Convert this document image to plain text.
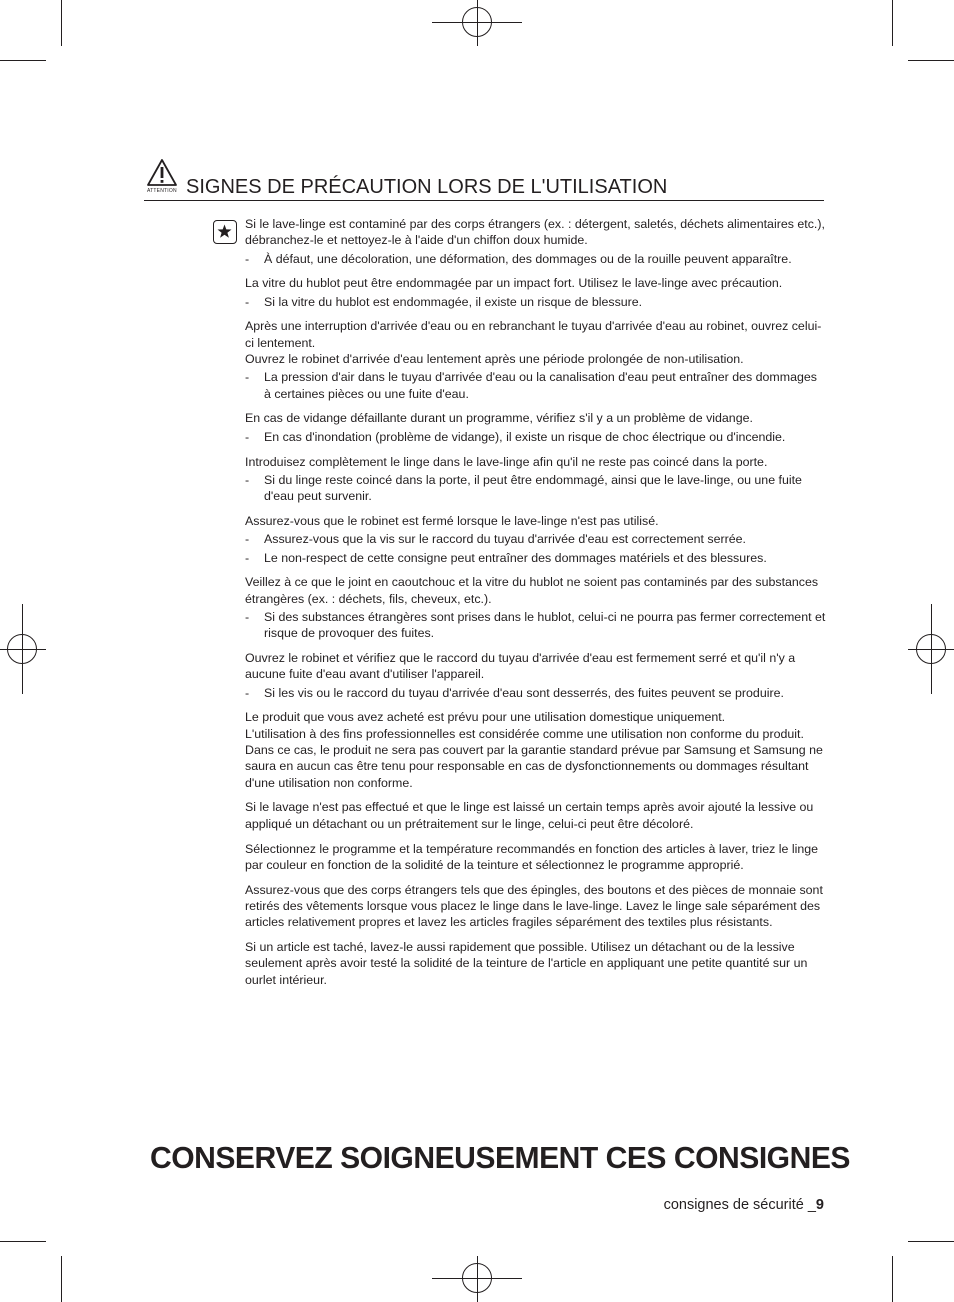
ATTENTION SIGNES DE PRÉCAUTION LORS DE L'UTILISATION

Si le lave-linge est contaminé par des corps étrangers (ex. : détergent, saletés, déchets alimentaires etc.), débranchez-le et nettoyez-le à l'aide d'un chiffon doux humide.

- À défaut, une décoloration, une déformation, des dommages ou de la rouille peuvent apparaître.

La vitre du hublot peut être endommagée par un impact fort. Utilisez le lave-linge avec précaution.

- Si la vitre du hublot est endommagée, il existe un risque de blessure.

Après une interruption d'arrivée d'eau ou en rebranchant le tuyau d'arrivée d'eau au robinet, ouvrez celui-ci lentement.

Ouvrez le robinet d'arrivée d'eau lentement après une période prolongée de non-utilisation.

- La pression d'air dans le tuyau d'arrivée d'eau ou la canalisation d'eau peut entraîner des dommages à certaines pièces ou une fuite d'eau.

En cas de vidange défaillante durant un programme, vérifiez s'il y a un problème de vidange.

- En cas d'inondation (problème de vidange), il existe un risque de choc électrique ou d'incendie.

Introduisez complètement le linge dans le lave-linge afin qu'il ne reste pas coincé dans la porte.

- Si du linge reste coincé dans la porte, il peut être endommagé, ainsi que le lave-linge, ou une fuite d'eau peut survenir.

Assurez-vous que le robinet est fermé lorsque le lave-linge n'est pas utilisé.

- Assurez-vous que la vis sur le raccord du tuyau d'arrivée d'eau est correctement serrée.
- Le non-respect de cette consigne peut entraîner des dommages matériels et des blessures.

Veillez à ce que le joint en caoutchouc et la vitre du hublot ne soient pas contaminés par des substances étrangères (ex. : déchets, fils, cheveux, etc.).

- Si des substances étrangères sont prises dans le hublot, celui-ci ne pourra pas fermer correctement et risque de provoquer des fuites.

Ouvrez le robinet et vérifiez que le raccord du tuyau d'arrivée d'eau est fermement serré et qu'il n'y a aucune fuite d'eau avant d'utiliser l'appareil.

- Si les vis ou le raccord du tuyau d'arrivée d'eau sont desserrés, des fuites peuvent se produire.

Le produit que vous avez acheté est prévu pour une utilisation domestique uniquement.

L'utilisation à des fins professionnelles est considérée comme une utilisation non conforme du produit. Dans ce cas, le produit ne sera pas couvert par la garantie standard prévue par Samsung et Samsung ne saura en aucun cas être tenu pour responsable en cas de dysfonctionnements ou dommages résultant d'une utilisation non conforme.

Si le lavage n'est pas effectué et que le linge est laissé un certain temps après avoir ajouté la lessive ou appliqué un détachant ou un prétraitement sur le linge, celui-ci peut être décoloré.

Sélectionnez le programme et la température recommandés en fonction des articles à laver, triez le linge par couleur en fonction de la solidité de la teinture et sélectionnez le programme approprié.

Assurez-vous que des corps étrangers tels que des épingles, des boutons et des pièces de monnaie sont retirés des vêtements lorsque vous placez le linge dans le lave-linge. Lavez le linge sale séparément des articles relativement propres et lavez les articles fragiles séparément des textiles plus résistants.

Si un article est taché, lavez-le aussi rapidement que possible. Utilisez un détachant ou de la lessive seulement après avoir testé la solidité de la teinture de l'article en appliquant une petite quantité sur un ourlet intérieur.

CONSERVEZ SOIGNEUSEMENT CES CONSIGNES
consignes de sécurité _9
